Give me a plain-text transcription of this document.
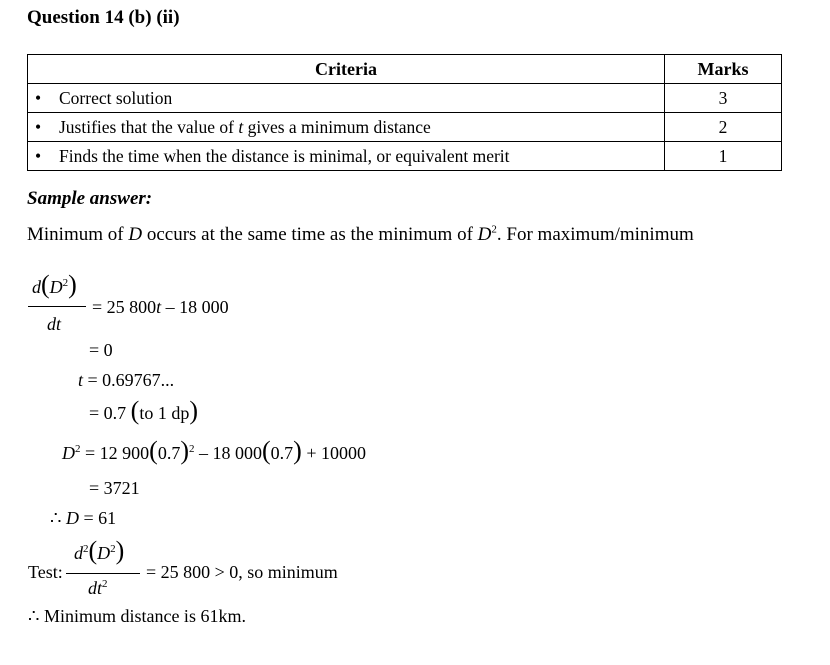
Question 14 (b) (ii)
Criteria	Marks
• Correct solution	3
• Justifies that the value of t gives a minimum distance	2
• Finds the time when the distance is minimal, or equivalent merit	1
Sample answer:
Minimum of D occurs at the same time as the minimum of $D^2$. For maximum/minimum
$d(D^2)$
dt
= 25 800t – 18 000
= 0
t = 0.69767...
= 0.7 (to 1 dp)
$D^2 = 12$ $900(0.7)^2 - 18$ 000(0.7) + 10000
= 3721
∴ D = 61
Test:
$d^2(D^2)$
$dt^2$
= 25 800 > 0, so minimum
∴ Minimum distance is 61km.
